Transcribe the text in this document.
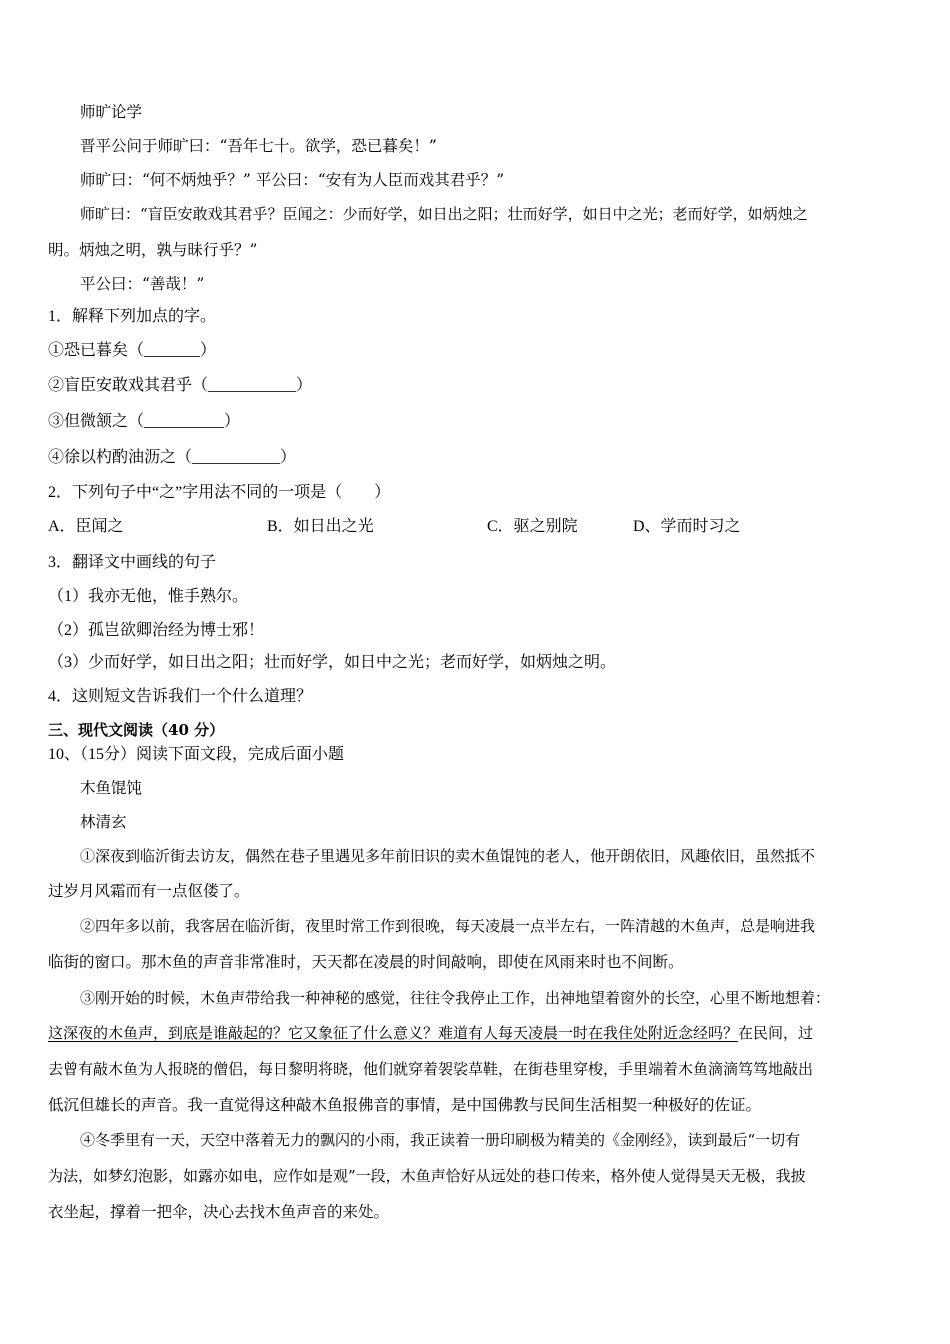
师旷论学
晋平公问于师旷曰：“吾年七十。欲学，恐已暮矣！”
师旷曰：“何不炳烛乎？” 平公曰：“安有为人臣而戏其君乎？”
师旷曰：“盲臣安敢戏其君乎？臣闻之：少而好学，如日出之阳；壮而好学，如日中之光；老而好学，如炳烛之
明。炳烛之明，孰与昧行乎？”
平公曰：“善哉！”
1．解释下列加点的字。
①恐已暮矣（_______）
②盲臣安敢戏其君乎（___________）
③但微颔之（__________）
④徐以杓酌油沥之（___________）
2．下列句子中“之”字用法不同的一项是（　　）
A．臣闻之	B．如日出之光	C．驱之别院	D、学而时习之
3．翻译文中画线的句子
（1）我亦无他，惟手熟尔。
（2）孤岂欲卿治经为博士邪！
（3）少而好学，如日出之阳；壮而好学，如日中之光；老而好学，如炳烛之明。
4．这则短文告诉我们一个什么道理？
三、现代文阅读（40 分）
10、（15分）阅读下面文段，完成后面小题
木鱼馄饨
林清玄
①深夜到临沂街去访友，偶然在巷子里遇见多年前旧识的卖木鱼馄饨的老人，他开朗依旧，风趣依旧，虽然抵不
过岁月风霜而有一点伛偻了。
②四年多以前，我客居在临沂街，夜里时常工作到很晚，每天凌晨一点半左右，一阵清越的木鱼声，总是响进我
临街的窗口。那木鱼的声音非常准时，天天都在凌晨的时间敲响，即使在风雨来时也不间断。
③刚开始的时候，木鱼声带给我一种神秘的感觉，往往令我停止工作，出神地望着窗外的长空，心里不断地想着：
这深夜的木鱼声，到底是谁敲起的？它又象征了什么意义？难道有人每天凌晨一时在我住处附近念经吗？在民间，过
去曾有敲木鱼为人报晓的僧侣，每日黎明将晓，他们就穿着袈裟草鞋，在街巷里穿梭，手里端着木鱼滴滴笃笃地敲出
低沉但雄长的声音。我一直觉得这种敲木鱼报佛音的事情，是中国佛教与民间生活相契一种极好的佐证。
④冬季里有一天，天空中落着无力的飘闪的小雨，我正读着一册印刷极为精美的《金刚经》，读到最后“一切有
为法，如梦幻泡影，如露亦如电，应作如是观”一段，木鱼声恰好从远处的巷口传来，格外使人觉得昊天无极，我披
衣坐起，撑着一把伞，决心去找木鱼声音的来处。
